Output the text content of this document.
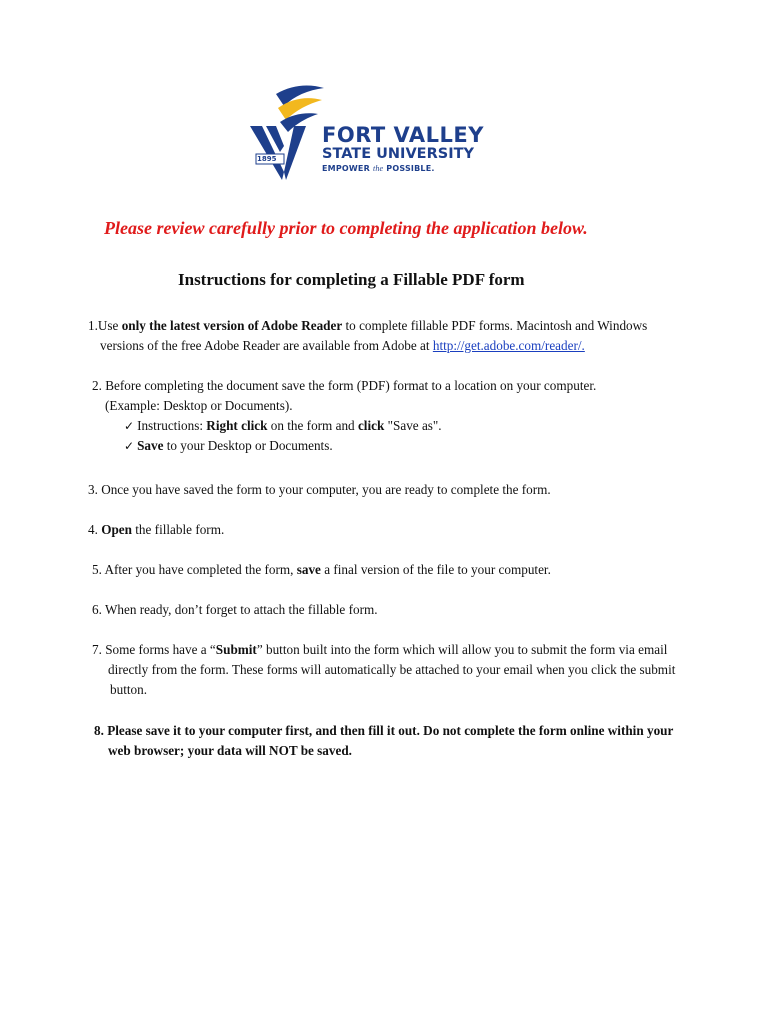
1895
FORT VALLEY
STATE UNIVERSITY
EMPOWER the POSSIBLE.
Please review carefully prior to completing the application below.
Instructions for completing a Fillable PDF form
1.Use only the latest version of Adobe Reader to complete fillable PDF forms. Macintosh and Windows
versions of the free Adobe Reader are available from Adobe at http://get.adobe.com/reader/.
2. Before completing the document save the form (PDF) format to a location on your computer.
(Example: Desktop or Documents).
✓ Instructions: Right click on the form and click "Save as".
✓ Save to your Desktop or Documents.
3. Once you have saved the form to your computer, you are ready to complete the form.
4. Open the fillable form.
5. After you have completed the form, save a final version of the file to your computer.
6. When ready, don’t forget to attach the fillable form.
7. Some forms have a “Submit” button built into the form which will allow you to submit the form via email
directly from the form. These forms will automatically be attached to your email when you click the submit
button.
8. Please save it to your computer first, and then fill it out. Do not complete the form online within your
web browser; your data will NOT be saved.
